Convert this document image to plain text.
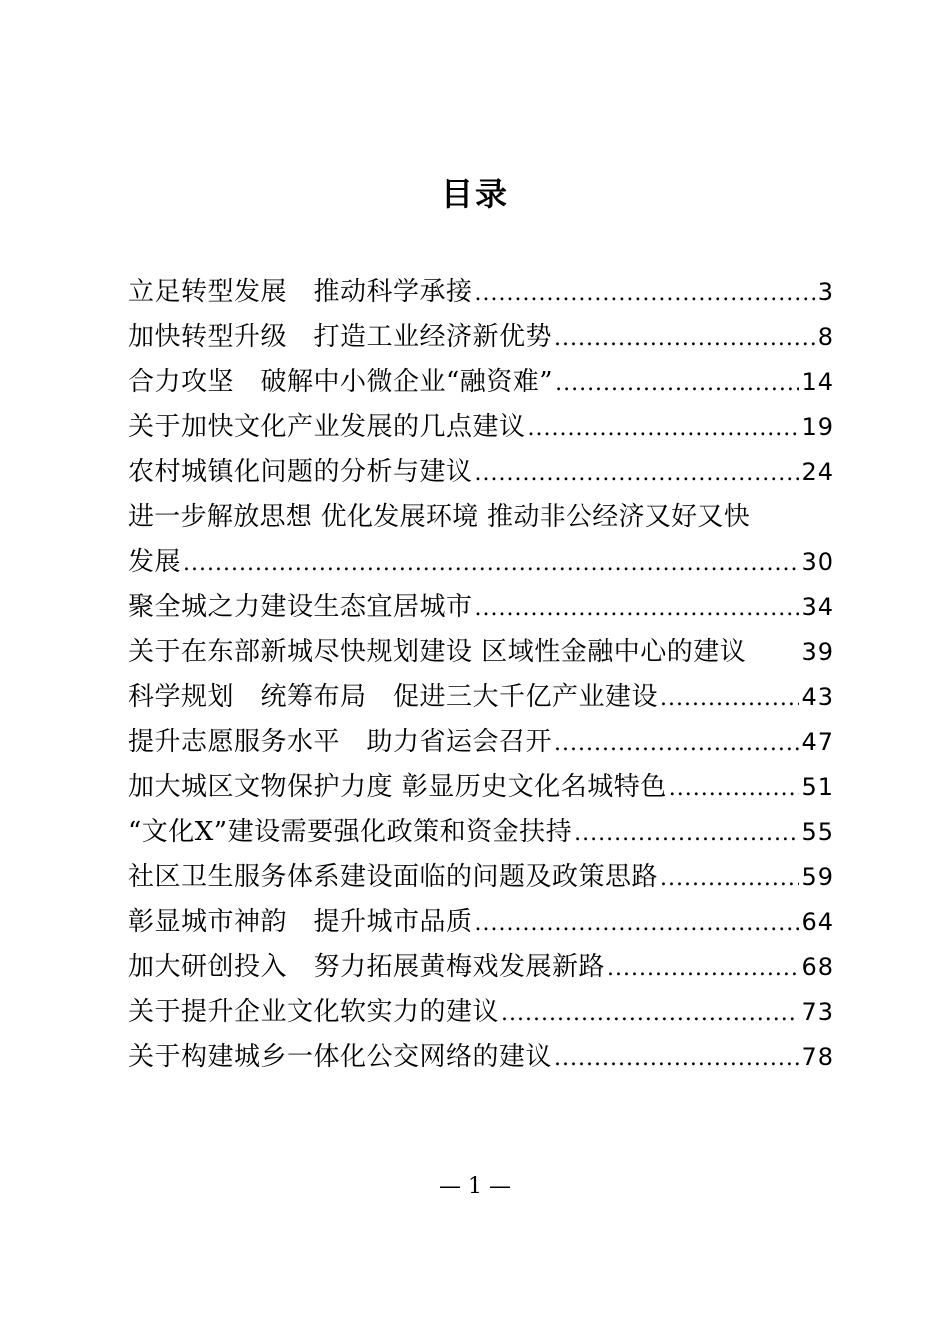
目录
立足转型发展　推动科学承接 .....	3
加快转型升级　打造工业经济新优势 .....	8
合力攻坚　破解中小微企业“融资难” .....	14
关于加快文化产业发展的几点建议 .....	19
农村城镇化问题的分析与建议 .....	24
进一步解放思想 优化发展环境 推动非公经济又好又快
发展 .....	30
聚全城之力建设生态宜居城市 .....	34
关于在东部新城尽快规划建设 区域性金融中心的建议 39
科学规划　统筹布局　促进三大千亿产业建设 .....	43
提升志愿服务水平　助力省运会召开 .....	47
加大城区文物保护力度 彰显历史文化名城特色 .....	51
“文化X”建设需要强化政策和资金扶持 .....	55
社区卫生服务体系建设面临的问题及政策思路 .....	59
彰显城市神韵　提升城市品质 .....	64
加大研创投入　努力拓展黄梅戏发展新路 .....	68
关于提升企业文化软实力的建议 .....	73
关于构建城乡一体化公交网络的建议 .....	78
— 1 —
